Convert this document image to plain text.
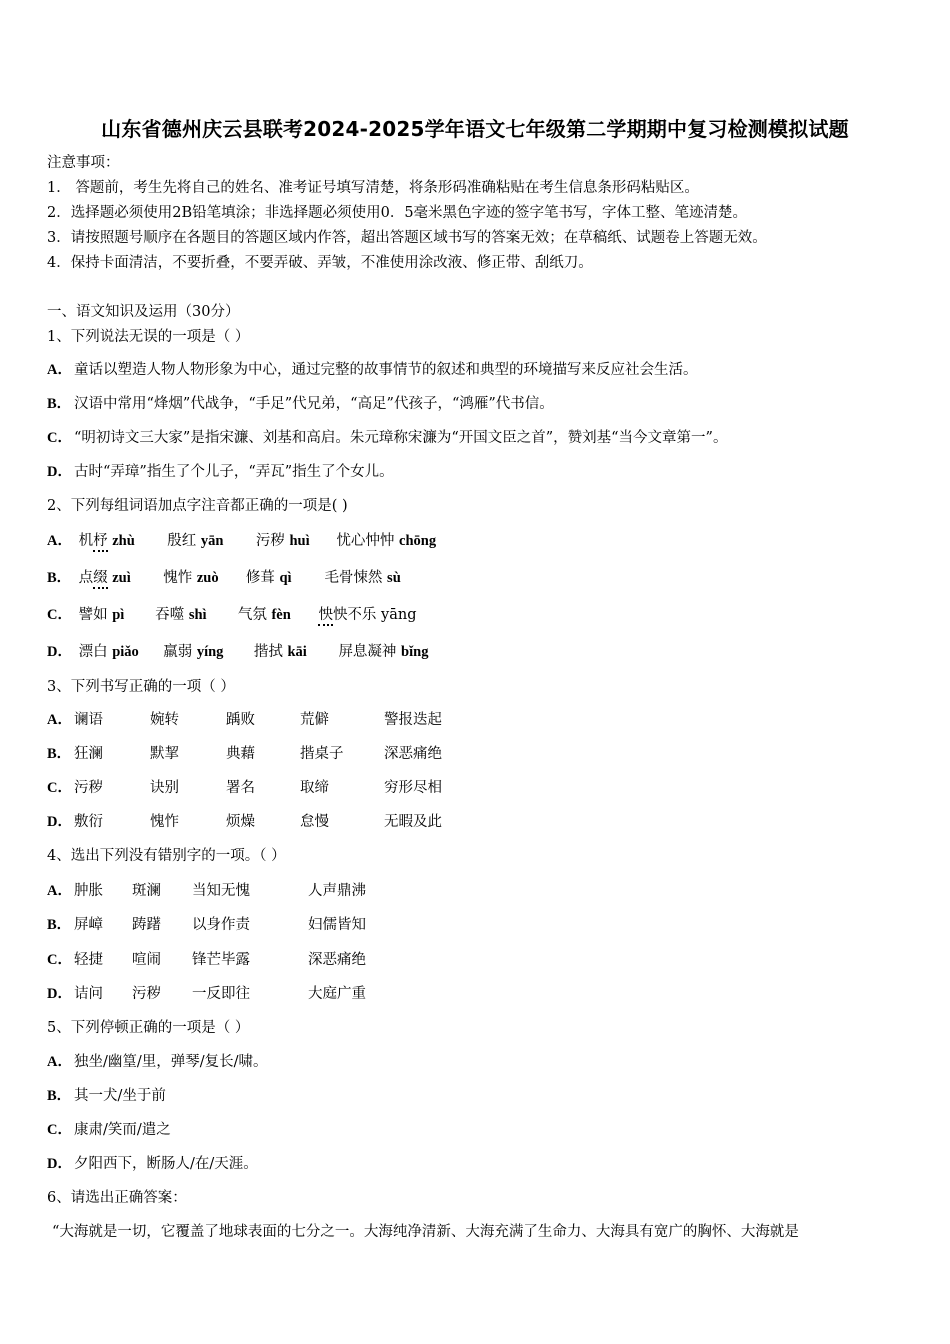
山东省德州庆云县联考2024-2025学年语文七年级第二学期期中复习检测模拟试题
注意事项：
1． 答题前，考生先将自己的姓名、准考证号填写清楚，将条形码准确粘贴在考生信息条形码粘贴区。
2．选择题必须使用2B铅笔填涂；非选择题必须使用0．5毫米黑色字迹的签字笔书写，字体工整、笔迹清楚。
3．请按照题号顺序在各题目的答题区域内作答，超出答题区域书写的答案无效；在草稿纸、试题卷上答题无效。
4．保持卡面清洁，不要折叠，不要弄破、弄皱，不准使用涂改液、修正带、刮纸刀。
一、语文知识及运用（30分）
1、下列说法无误的一项是（ ）
A． 童话以塑造人物人物形象为中心，通过完整的故事情节的叙述和典型的环境描写来反应社会生活。
B． 汉语中常用“烽烟”代战争，“手足”代兄弟，“高足”代孩子，“鸿雁”代书信。
C． “明初诗文三大家”是指宋濂、刘基和高启。朱元璋称宋濂为“开国文臣之首”，赞刘基“当今文章第一”。
D． 古时“弄璋”指生了个儿子，“弄瓦”指生了个女儿。
2、下列每组词语加点字注音都正确的一项是( )
A． 机杼 zhù 殷红 yān 污秽 huì 忧心忡忡 chōng
B． 点缀 zuì 愧怍 zuò 修葺 qì 毛骨悚然 sù
C． 譬如 pì 吞噬 shì 气氛 fèn 怏怏不乐 yāng
D． 漂白 piǎo 羸弱 yíng 揩拭 kāi 屏息凝神 bǐng
3、下列书写正确的一项（ ）
A． 谰语	婉转	踽败	荒僻	警报迭起
B． 狂澜	默挈	典藉	揩桌子	深恶痛绝
C． 污秽	诀别	署名	取缔	穷形尽相
D． 敷衍	愧怍	烦燥	怠慢	无暇及此
4、选出下列没有错别字的一项。（ ）
A． 肿胀 斑澜 当知无愧	人声鼎沸
B． 屏嶂 踌躇 以身作责	妇儒皆知
C． 轻捷 喧闹 锋芒毕露	深恶痛绝
D． 诘问 污秽 一反即往	大庭广重
5、下列停顿正确的一项是（ ）
A． 独坐/幽篁/里，弹琴/复长/啸。
B． 其一犬/坐于前
C． 康肃/笑而/遣之
D． 夕阳西下，断肠人/在/天涯。
6、请选出正确答案：
“大海就是一切，它覆盖了地球表面的七分之一。大海纯净清新、大海充满了生命力、大海具有宽广的胸怀、大海就是
